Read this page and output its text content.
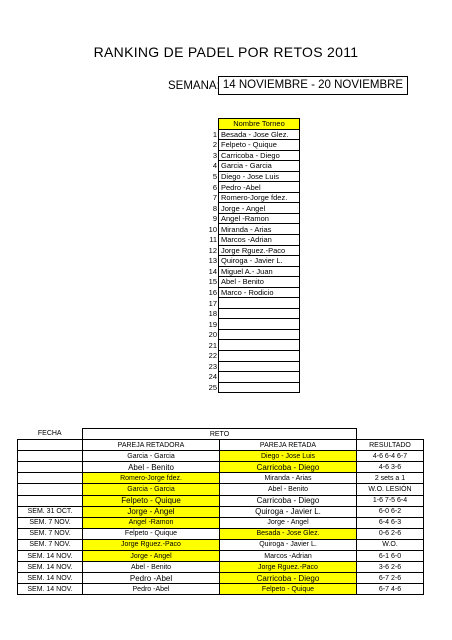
RANKING DE PADEL POR RETOS 2011
SEMANA: 14 NOVIEMBRE - 20 NOVIEMBRE
	Nombre Torneo
1	Besada - Jose Glez.
2	Felpeto - Quique
3	Carricoba - Diego
4	Garcia - Garcia
5	Diego - Jose Luis
6	Pedro -Abel
7	Romero-Jorge fdez.
8	Jorge - Angel
9	Angel -Ramon
10	Miranda - Arias
11	Marcos -Adrian
12	Jorge Rguez.-Paco
13	Quiroga - Javier L.
14	Miguel A.- Juan
15	Abel - Benito
16	Marco - Rodicio
17	
18	
19	
20	
21	
22	
23	
24	
25	
FECHA	RETO		
	PAREJA RETADORA	PAREJA RETADA	RESULTADO
	Garcia - Garcia	Diego - Jose Luis	4-6 6-4 6-7
	Abel - Benito	Carricoba - Diego	4-6 3-6
	Romero-Jorge fdez.	Miranda - Arias	2 sets a 1
	Garcia - Garcia	Abel - Benito	W.O. LESIÓN
	Felpeto - Quique	Carricoba - Diego	1-6 7-5 6-4
SEM. 31 OCT.	Jorge - Angel	Quiroga - Javier L.	6-0 6-2
SEM. 7 NOV.	Angel -Ramon	Jorge - Angel	6-4 6-3
SEM. 7 NOV.	Felpeto - Quique	Besada - Jose Glez.	0-6 2-6
SEM. 7 NOV.	Jorge Rguez.-Paco	Quiroga - Javier L.	W.O.
SEM. 14 NOV.	Jorge - Angel	Marcos -Adrian	6-1 6-0
SEM. 14 NOV.	Abel - Benito	Jorge Rguez.-Paco	3-6 2-6
SEM. 14 NOV.	Pedro -Abel	Carricoba - Diego	6-7 2-6
SEM. 14 NOV.	Pedro -Abel	Felpeto - Quique	6-7 4-6
